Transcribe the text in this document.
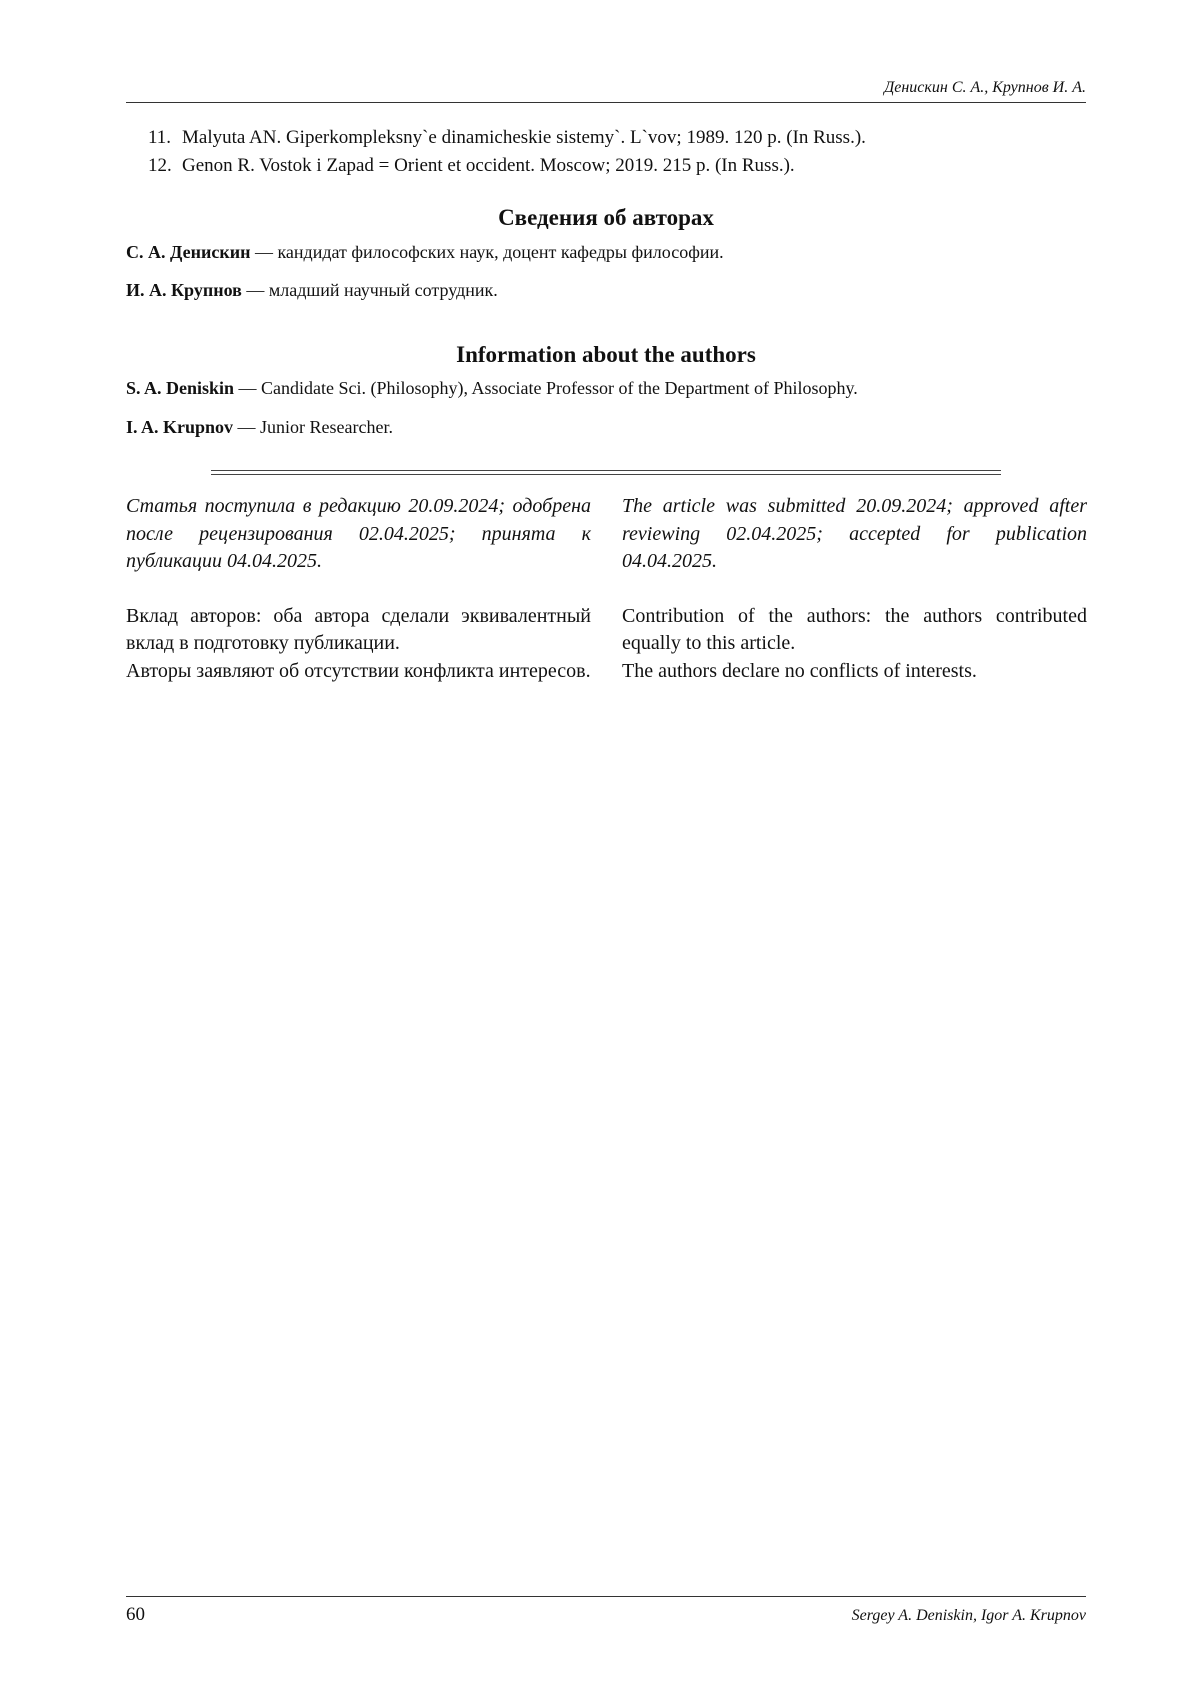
Денискин С. А., Крупнов И. А.
11. Malyuta AN. Giperkompleksny`e dinamicheskie sistemy`. L`vov; 1989. 120 p. (In Russ.).
12. Genon R. Vostok i Zapad = Orient et occident. Moscow; 2019. 215 p. (In Russ.).
Сведения об авторах
С. А. Денискин — кандидат философских наук, доцент кафедры философии.
И. А. Крупнов — младший научный сотрудник.
Information about the authors
S. A. Deniskin — Candidate Sci. (Philosophy), Associate Professor of the Department of Philosophy.
I. A. Krupnov — Junior Researcher.

Статья поступила в редакцию 20.09.2024; одобрена после рецензирования 02.04.2025; принята к публикации 04.04.2025.

Вклад авторов: оба автора сделали эквивалентный вклад в подготовку публикации.

Авторы заявляют об отсутствии конфликта интересов.

The article was submitted 20.09.2024; approved after reviewing 02.04.2025; accepted for publication 04.04.2025.

Contribution of the authors: the authors contributed equally to this article.

The authors declare no conflicts of interests.

60	Sergey A. Deniskin, Igor A. Krupnov
